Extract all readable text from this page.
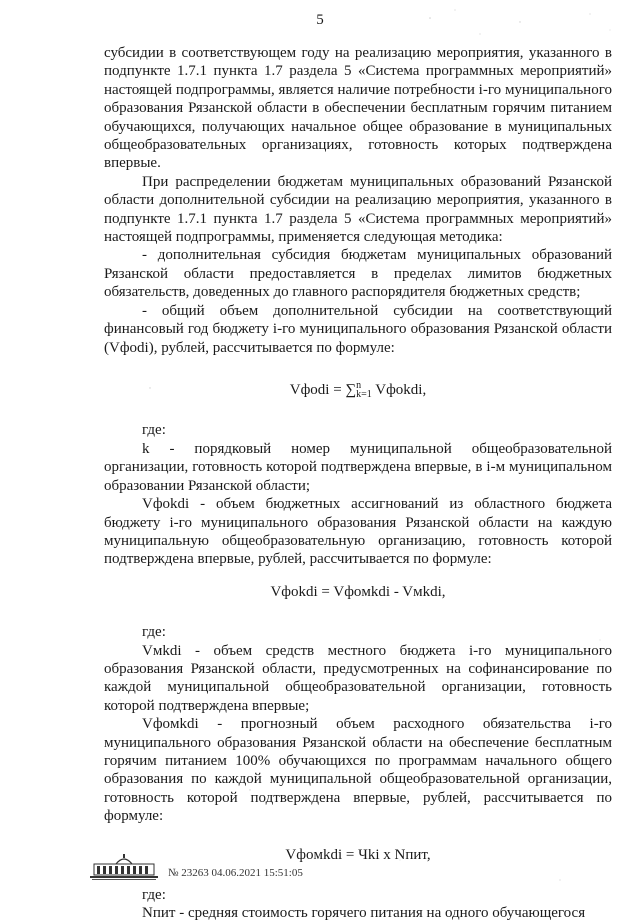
5

субсидии в соответствующем году на реализацию мероприятия, указанного в подпункте 1.7.1 пункта 1.7 раздела 5 «Система программных мероприятий» настоящей подпрограммы, является наличие потребности i-го муниципального образования Рязанской области в обеспечении бесплатным горячим питанием обучающихся, получающих начальное общее образование в муниципальных общеобразовательных организациях, готовность которых подтверждена впервые.

При распределении бюджетам муниципальных образований Рязанской области дополнительной субсидии на реализацию мероприятия, указанного в подпункте 1.7.1 пункта 1.7 раздела 5 «Система программных мероприятий» настоящей подпрограммы, применяется следующая методика:

- дополнительная субсидия бюджетам муниципальных образований Рязанской области предоставляется в пределах лимитов бюджетных обязательств, доведенных до главного распорядителя бюджетных средств;

- общий объем дополнительной субсидии на соответствующий финансовый год бюджету i-го муниципального образования Рязанской области (Vфodi), рублей, рассчитывается по формуле:

Vфodi = ∑ n
k=1 Vфokdi,

где:

k - порядковый номер муниципальной общеобразовательной организации, готовность которой подтверждена впервые, в i-м муниципальном образовании Рязанской области;

Vфokdi - объем бюджетных ассигнований из областного бюджета бюджету i-го муниципального образования Рязанской области на каждую муниципальную общеобразовательную организацию, готовность которой подтверждена впервые, рублей, рассчитывается по формуле:

Vфokdi = Vфoмkdi - Vмkdi,

где:

Vмkdi - объем средств местного бюджета i-го муниципального образования Рязанской области, предусмотренных на софинансирование по каждой муниципальной общеобразовательной организации, готовность которой подтверждена впервые;

Vфoмkdi - прогнозный объем расходного обязательства i-го муниципального образования Рязанской области на обеспечение бесплатным горячим питанием 100% обучающихся по программам начального общего образования по каждой муниципальной общеобразовательной организации, готовность которой подтверждена впервые, рублей, рассчитывается по формуле:

Vфoмkdi = Чki x Nпит,

где:

Nпит - средняя стоимость горячего питания на одного обучающегося

№ 23263 04.06.2021 15:51:05
